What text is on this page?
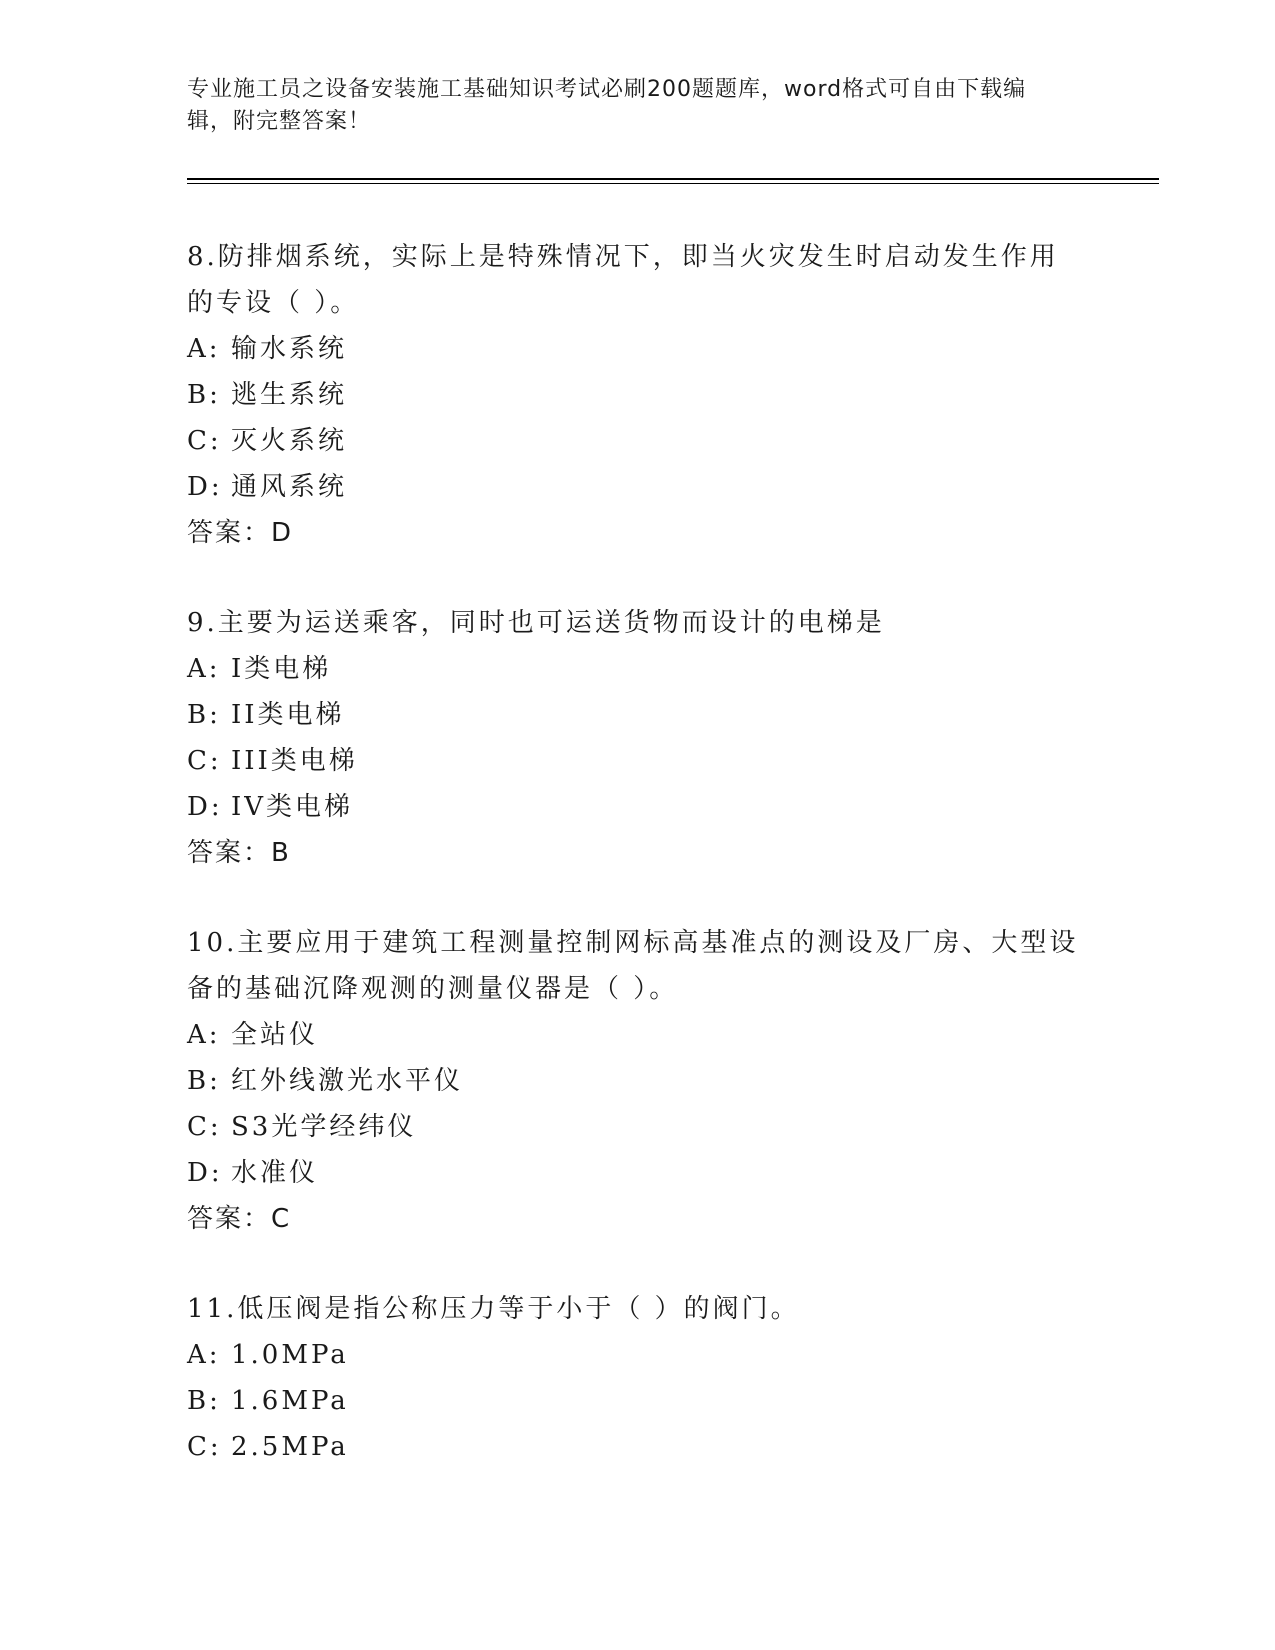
专业施工员之设备安装施工基础知识考试必刷200题题库，word格式可自由下载编辑，附完整答案！

8.防排烟系统，实际上是特殊情况下，即当火灾发生时启动发生作用的专设（ ）。

A: 输水系统
B: 逃生系统
C: 灭火系统
D: 通风系统
答案：D

9.主要为运送乘客，同时也可运送货物而设计的电梯是

A: I类电梯
B: II类电梯
C: III类电梯
D: IV类电梯
答案：B

10.主要应用于建筑工程测量控制网标高基准点的测设及厂房、大型设备的基础沉降观测的测量仪器是（ ）。

A: 全站仪
B: 红外线激光水平仪
C: S3光学经纬仪
D: 水准仪
答案：C

11.低压阀是指公称压力等于小于（ ）的阀门。

A: 1.0MPa
B: 1.6MPa
C: 2.5MPa
